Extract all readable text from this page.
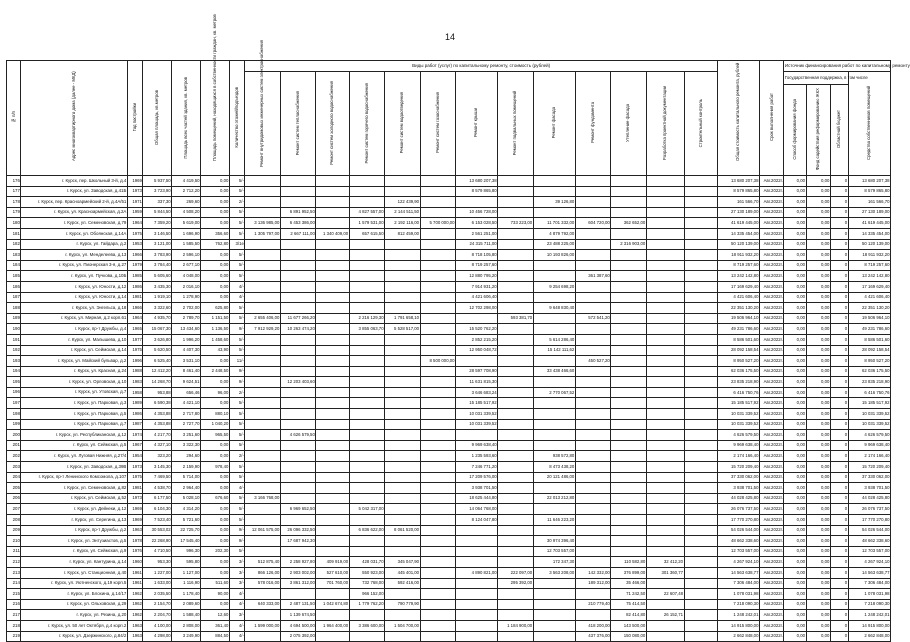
14
№ п/п	Адрес многоквартирного дома (далее - МКД)	Год постройки	Общая площадь, кв.метров	Площадь всех частей здания, кв. метров	Площадь помещений, находящихся в собственности граждан, кв. метров	Количество этажей/подъездов	Виды работ (услуг) по капитальному ремонту, стоимость (рублей)													Общая стоимость капитального ремонта, рублей	Срок выполнения работ	Источник финансирования работ по капитальному ремонту			
							Ремонт внутридомовых инженерных систем электроснабжения	Ремонт систем теплоснабжения	Ремонт систем холодного водоснабжения	Ремонт систем горячего водоснабжения	Ремонт систем водоотведения	Ремонт систем газоснабжения	Ремонт крыши	Ремонт подвальных помещений	Ремонт фасада	Ремонт фундамента	Утепление фасада	Разработка проектной документации	Строительный контроль			Государственная поддержка, в том числе			Средства собственников помещений
																						Способ формирования фонда	Фонд содействия реформированию ЖКХ	Областной бюджет	
176	г. Курск, пер. Школьный 3-й, д.4	1969	5 937,50	4 419,50	0,00	5/-							13 680 207,38							13 680 207,38	Авг.2022г.	0,00	0,00	0	13 680 207,38
177	г. Курск, ул. Заводская, д.41Б	1973	3 723,90	2 712,20	0,00	5/-							8 579 865,80							8 579 865,80	Авг.2022г.	0,00	0,00	0	8 579 865,80
178	г. Курск, пер. Красноармейский 2-й, д.4А/51	1971	337,30	269,60	0,00	2/-					122 439,90				39 126,80					161 566,70	Авг.2022г.	0,00	0,00	0	161 566,70
179	г. Курск, ул. Красноармейская, д.2А	1959	5 844,50	4 508,20	0,00	5/-		6 891 952,50		4 827 557,00	2 144 511,50		10 456 728,00							27 130 189,00	Авг.2022г.	0,00	0,00	0	27 130 189,00
180	г. Курск, ул. Семеновская, д.79	1964	7 359,20	5 619,00	0,00	5/-	3 136 985,00	6 453 386,00		1 579 531,00	2 192 116,00	5 700 000,00	6 153 028,50	733 223,00	11 701 332,00	604 720,00	362 652,00			41 619 445,00	Авг.2022г.	0,00	0,00	0	41 619 445,00
181	г. Курск, ул. Обоянская, д.14А	1975	3 146,50	1 696,90	356,60	5/-	1 305 797,00	2 667 111,00	1 340 409,00	657 615,50	812 459,00		2 561 251,00		4 879 792,00					14 335 454,00	Авг.2022г.	0,00	0,00	0	14 335 454,00
182	г. Курск, ул. Гайдара, д.2	1953	3 121,00	1 585,50	762,80	3/1е							24 315 711,00		23 488 225,00		2 316 903,00			50 120 139,00	Авг.2022г.	0,00	0,00	0	50 120 139,00
183	г. Курск, ул. Менделеева, д.13	1966	3 783,90	2 596,10	0,00	5/-							8 718 105,80		10 193 826,00					18 911 932,20	Авг.2022г.	0,00	0,00	0	18 911 932,20
184	г. Курск, ул. Пионерская 3-я, д.27	1979	3 784,40	2 677,10	0,00	5/-							8 719 257,60							8 719 257,60	Авг.2022г.	0,00	0,00	0	8 719 257,60
185	г. Курск, ул. Пучкова, д.10Б	1985	5 605,60	4 048,00	0,00	5/-							12 880 795,20			361 387,60				13 242 142,80	Авг.2022г.	0,00	0,00	0	13 242 142,80
186	г. Курск, ул. Юности, д.12	1986	3 435,30	2 016,10	0,00	4/-							7 914 931,20		9 254 698,20					17 169 629,40	Авг.2022г.	0,00	0,00	0	17 169 629,40
187	г. Курск, ул. Юности, д.14	1981	1 919,10	1 278,90	0,00	4/-							4 421 606,40							4 421 606,40	Авг.2022г.	0,00	0,00	0	4 421 606,40
188	г. Курск, ул. Энгельса, д.18	1966	3 322,60	2 702,00	625,80	5/-							12 702 298,00		9 648 830,40					22 351 130,20	Авг.2022г.	0,00	0,00	0	22 351 130,20
189	г. Курск, ул. Мирная, д.2 корп.61	1964	4 935,70	2 789,70	1 151,50	5/-	2 655 406,00	11 677 266,20		2 216 129,30	1 791 658,10			593 381,70		572 541,20				19 506 964,10	Авг.2022г.	0,00	0,00	0	19 506 964,10
190	г. Курск, пр-т Дружбы, д.4	1965	15 067,30	13 434,60	1 136,50	9/-	7 912 929,20	10 263 474,20		3 855 063,70	5 528 517,00		15 520 762,20							49 231 786,60	Авг.2022г.	0,00	0,00	0	49 231 786,60
191	г. Курск, ул. Малышева, д.10	1977	3 626,80	1 996,20	1 458,60	5/-							2 852 215,20		5 614 286,40					8 586 501,60	Авг.2022г.	0,00	0,00	0	8 586 501,60
192	г. Курск, ул. Сеймская, д.14	1975	5 620,50	4 407,30	43,90	5/-							12 950 048,72		15 142 111,62					28 092 158,54	Авг.2022г.	0,00	0,00	0	28 092 158,54
193	г. Курск, ул. Майский бульвар, д.2	1996	6 525,40	3 531,10	0,00	11/-						8 500 000,00				450 527,20				8 950 527,20	Авг.2022г.	0,00	0,00	0	8 950 527,20
194	г. Курск, ул. Красная, д.24	1988	12 412,20	8 461,40	2 448,50	9/-							28 597 708,90		33 438 466,60					62 036 175,50	Авг.2022г.	0,00	0,00	0	62 036 175,50
195	г. Курск, ул. Орловская, д.10	1983	14 268,70	9 624,51	0,00	9/-		12 203 403,60					11 631 815,30							23 835 218,90	Авг.2022г.	0,00	0,00	0	23 835 218,90
196	г. Курск, ул. Утовская, д.7	1958	953,88	656,46	96,00	2/-							3 646 683,24		2 770 067,52					6 416 750,76	Авг.2022г.	0,00	0,00	0	6 416 750,76
197	г. Курск, ул. Парковая, д.3	1989	6 590,38	4 421,10	0,00	5/-							15 185 517,92							15 185 517,92	Авг.2022г.	0,00	0,00	0	15 185 517,92
198	г. Курск, ул. Парковая, д.5	1986	4 353,88	2 717,80	880,10	5/-							10 031 339,52							10 031 339,52	Авг.2022г.	0,00	0,00	0	10 031 339,52
199	г. Курск, ул. Парковая, д.7	1987	4 353,88	2 727,70	1 040,20	5/-							10 031 339,52							10 031 339,52	Авг.2022г.	0,00	0,00	0	10 031 339,52
200	г. Курск, ул. Республиканская, д.12	1974	4 217,70	3 251,60	965,50	5/-		4 626 579,50												4 626 579,50	Авг.2022г.	0,00	0,00	0	4 626 579,50
201	г. Курск, ул. Сеймская, д.5	1967	4 327,10	3 322,30	0,00	5/-							9 969 638,40							9 969 638,40	Авг.2022г.	0,00	0,00	0	9 969 638,40
202	г. Курск, ул. Луговая Нижняя, д.27/4	1954	323,20	294,60	0,00	2/-							1 235 593,60		938 572,80					2 174 166,40	Авг.2022г.	0,00	0,00	0	2 174 166,40
203	г. Курск, ул. Заводская, д.39В	1973	3 145,30	2 159,90	978,40	5/-							7 246 771,20		8 473 438,20					15 720 209,40	Авг.2022г.	0,00	0,00	0	15 720 209,40
204	г. Курск, пр-т Ленинского Комсомола, д.107	1975	7 469,50	5 714,00	0,00	5/-							17 209 576,00		20 121 486,00					37 330 062,00	Авг.2022г.	0,00	0,00	0	37 330 062,00
205	г. Курск, ул. Семеновская, д.82	1981	4 538,70	2 964,40	0,00	4/-							3 938 701,50							3 938 701,50	Авг.2022г.	0,00	0,00	0	3 938 701,50
206	г. Курск, ул. Сеймская, д.52	1973	6 177,50	5 028,10	676,60	5/-	3 166 768,00						18 625 444,80		22 013 212,80					44 028 425,80	Авг.2022г.	0,00	0,00	0	44 028 425,80
207	г. Курск, ул. Дейнеки, д.12	1969	6 104,30	4 314,20	0,00	5/-		6 969 652,50		5 042 317,00			14 064 768,00							26 076 737,50	Авг.2022г.	0,00	0,00	0	26 076 737,50
208	г. Курск, ул. Серегина, д.13	1969	7 523,40	5 721,60	0,00	5/-							8 124 047,80		11 646 223,20					17 770 270,80	Авг.2022г.	0,00	0,00	0	17 770 270,80
209	г. Курск, пр-т Дружбы, д.2	1963	30 553,02	22 725,70	0,00	9/-	12 061 575,00	26 096 332,50		6 836 622,00	8 061 520,00									54 026 544,00	Авг.2022г.	0,00	0,00	0	54 026 544,00
210	г. Курск, ул. Энтузиастов, д.5	1978	22 268,90	17 545,40	0,00	9/-		17 687 942,30							30 974 396,40					48 662 338,60	Авг.2022г.	0,00	0,00	0	48 662 338,60
211	г. Курск, ул. Сеймская, д.9	1976	4 710,50	996,30	202,30	5/-									12 703 557,00					12 703 557,00	Авг.2022г.	0,00	0,00	0	12 703 557,00
212	г. Курск, ул. Кантурина, д.14	1960	953,30	595,80	0,00	3/-	512 875,40	2 258 927,80	409 919,00	428 031,70	345 047,90				172 347,30		110 582,80	32 412,20		4 267 924,10	Авг.2022г.	0,00	0,00	0	4 267 924,10
213	г. Курск, ул. Станционная, д.40	1961	1 227,00	1 127,00	0,00	3/-	866 126,00	2 903 002,00	527 610,00	550 923,00	445 401,00		4 890 821,00	222 097,00	3 563 208,00	142 332,00	376 899,00	301 360,77		14 563 638,77	Авг.2022г.	0,00	0,00	0	14 563 638,77
214	г. Курск, ул. Уютненского, д.19 корп.5	1961	1 633,00	1 116,90	511,60	3/-	578 016,00	3 861 312,00	701 760,00	732 768,00	592 416,00			295 392,00		189 312,00	35 466,00			7 306 484,00	Авг.2022г.	0,00	0,00	0	7 306 484,00
215	г. Курск, ул. Блохина, д.14/17	1962	2 035,50	1 178,40	90,00	4/-				966 152,00							71 242,50	22 607,48		1 078 031,98	Авг.2022г.	0,00	0,00	0	1 078 031,98
216	г. Курск, ул. Ольховская, д.29	1962	2 154,70	2 089,60	0,00	4/-	640 333,00	2 487 131,50	1 042 674,80	1 779 762,20	790 779,90					210 779,40	75 414,50			7 218 090,30	Авг.2022г.	0,00	0,00	0	7 218 090,30
217	г. Курск, ул. Резина, д.20	1962	2 204,70	1 588,40	12,60	3/-		1 139 674,50									82 414,80	26 152,71		1 248 242,01	Авг.2022г.	0,00	0,00	0	1 248 242,01
218	г. Курск, ул. 50 лет Октября, д.4 корп.2	1963	4 100,00	2 808,00	361,40	4/-	1 599 000,00	4 694 500,00	1 964 400,00	3 386 600,00	1 504 700,00			1 184 900,00		418 200,00	143 500,00			14 915 800,00	Авг.2022г.	0,00	0,00	0	14 915 800,00
219	г. Курск, ул. Дзержинского, д.84/2	1963	4 298,00	3 249,90	884,50	4/-		2 075 392,00								437 376,00	150 080,00			2 662 848,00	Авг.2022г.	0,00	0,00	0	2 662 848,00
